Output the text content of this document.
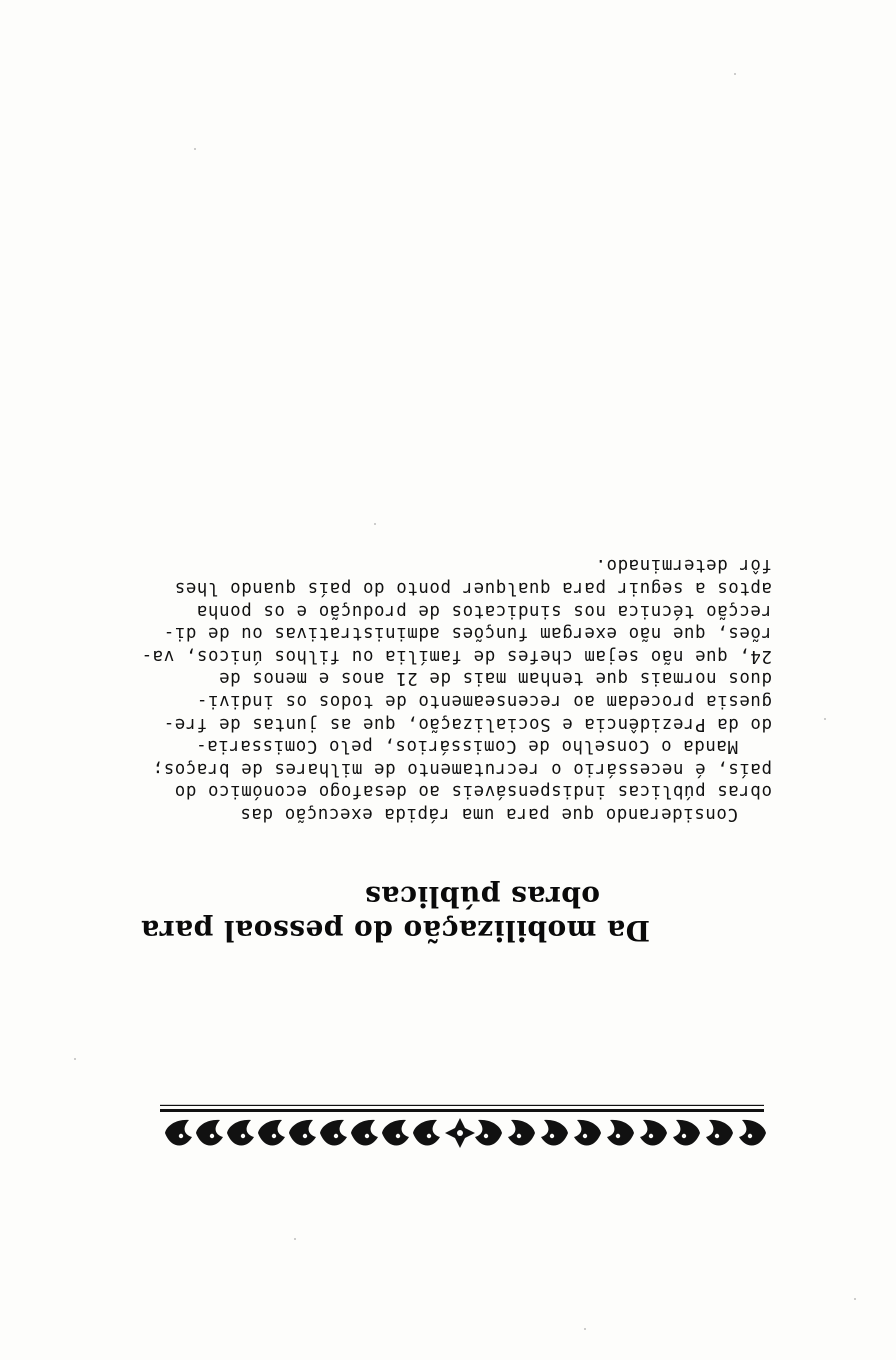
Da mobilização do pessoal para
obras públicas
Considerando que para uma rápida execução das
obras públicas indispensáveis ao desafogo económico do
país, é necessário o recrutamento de milhares de braços;
Manda o Conselho de Comissários, pelo Comissaria-
do da Prezidência e Socialização, que as juntas de fre-
guesia procedam ao recenseamento de todos os indivi-
duos normais que tenham mais de 21 anos e menos de
24, que não sejam chefes de família ou filhos únicos, va-
rões, que não exergam funções administrativas ou de di-
recção técnica nos sindicatos de produção e os ponha
aptos a seguir para qualquer ponto do país quando lhes
fôr determinado.
